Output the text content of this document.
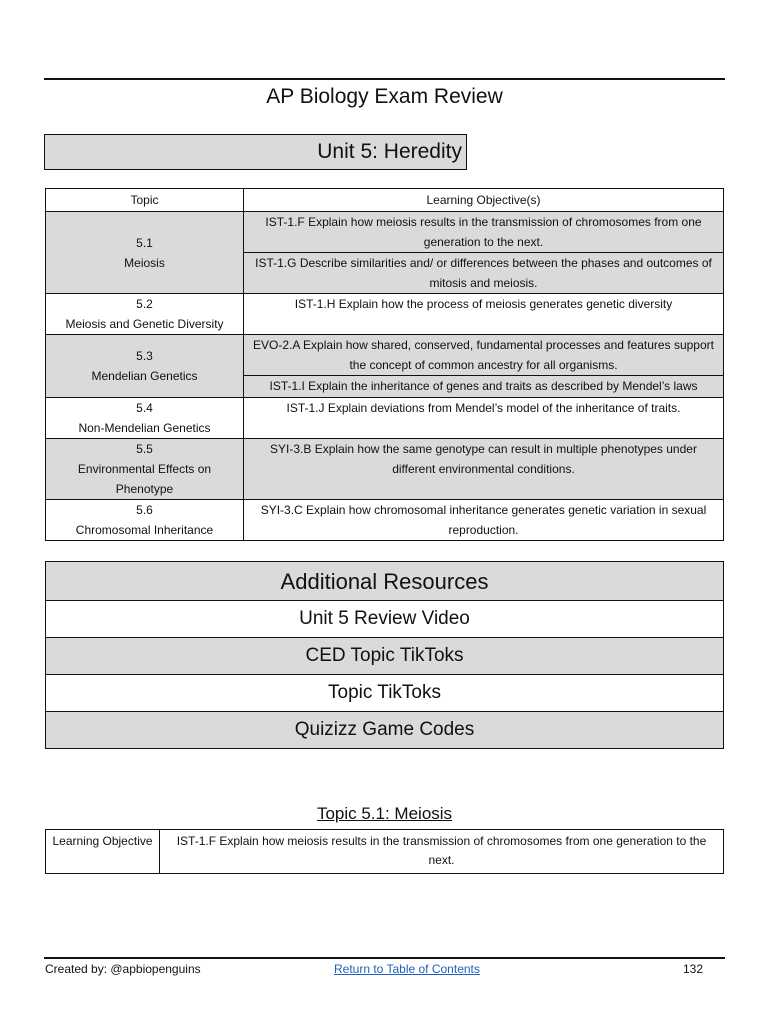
AP Biology Exam Review
Unit 5: Heredity
Topic	Learning Objective(s)

5.1
Meiosis	IST-1.F Explain how meiosis results in the transmission of chromosomes from one generation to the next.
	IST-1.G Describe similarities and/ or differences between the phases and outcomes of mitosis and meiosis.

5.2
Meiosis and Genetic Diversity	IST-1.H Explain how the process of meiosis generates genetic diversity

5.3
Mendelian Genetics	EVO-2.A Explain how shared, conserved, fundamental processes and features support the concept of common ancestry for all organisms.
	IST-1.I Explain the inheritance of genes and traits as described by Mendel’s laws

5.4
Non-Mendelian Genetics	IST-1.J Explain deviations from Mendel’s model of the inheritance of traits.

5.5
Environmental Effects on Phenotype	SYI-3.B Explain how the same genotype can result in multiple phenotypes under different environmental conditions.

5.6
Chromosomal Inheritance	SYI-3.C Explain how chromosomal inheritance generates genetic variation in sexual reproduction.
Additional Resources
Unit 5 Review Video
CED Topic TikToks
Topic TikToks
Quizizz Game Codes
Topic 5.1: Meiosis
Learning Objective	IST-1.F Explain how meiosis results in the transmission of chromosomes from one generation to the next.
Created by: @apbiopenguins	Return to Table of Contents	132
